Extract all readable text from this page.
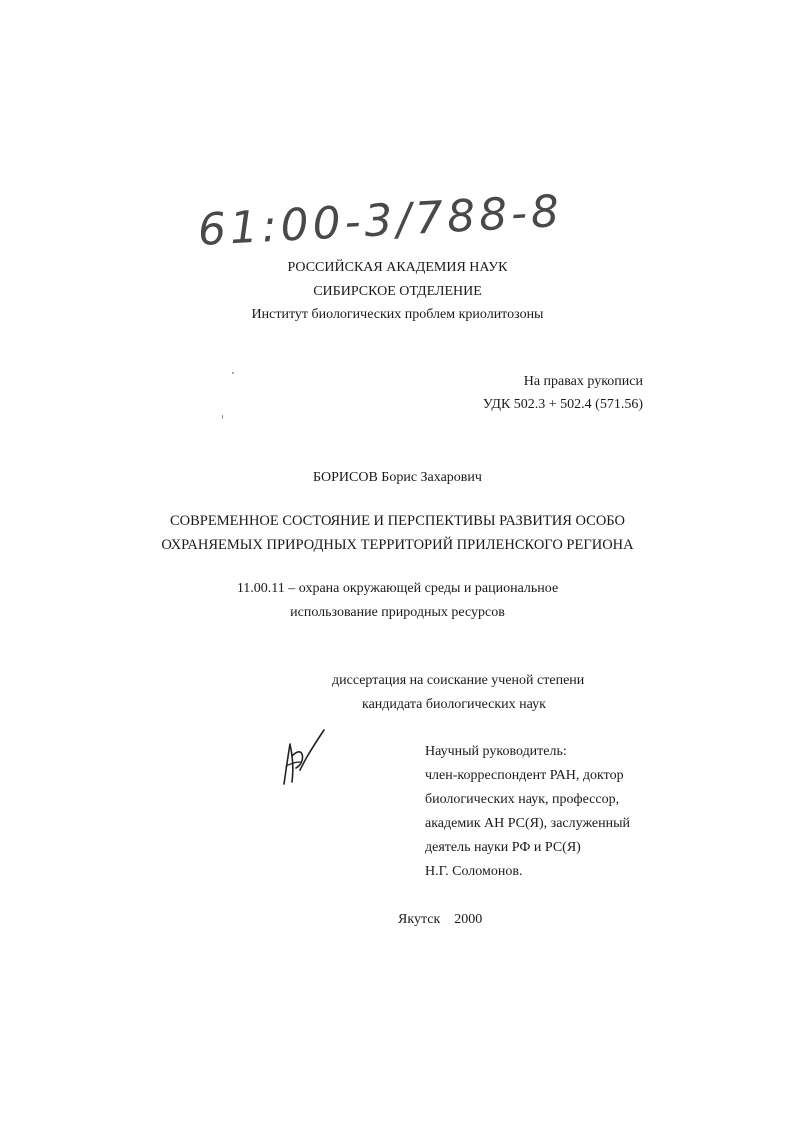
61:00-3/788-8
РОССИЙСКАЯ АКАДЕМИЯ НАУК
СИБИРСКОЕ ОТДЕЛЕНИЕ
Институт биологических проблем криолитозоны
На правах рукописи
УДК 502.3 + 502.4 (571.56)
БОРИСОВ Борис Захарович
СОВРЕМЕННОЕ СОСТОЯНИЕ И ПЕРСПЕКТИВЫ РАЗВИТИЯ ОСОБО
ОХРАНЯЕМЫХ ПРИРОДНЫХ ТЕРРИТОРИЙ ПРИЛЕНСКОГО РЕГИОНА
11.00.11 – охрана окружающей среды и рациональное
использование природных ресурсов
диссертация на соискание ученой степени
кандидата биологических наук
Научный руководитель:
член-корреспондент РАН, доктор
биологических наук, профессор,
академик АН РС(Я), заслуженный
деятель науки РФ и РС(Я)
Н.Г. Соломонов.
Якутск 2000
